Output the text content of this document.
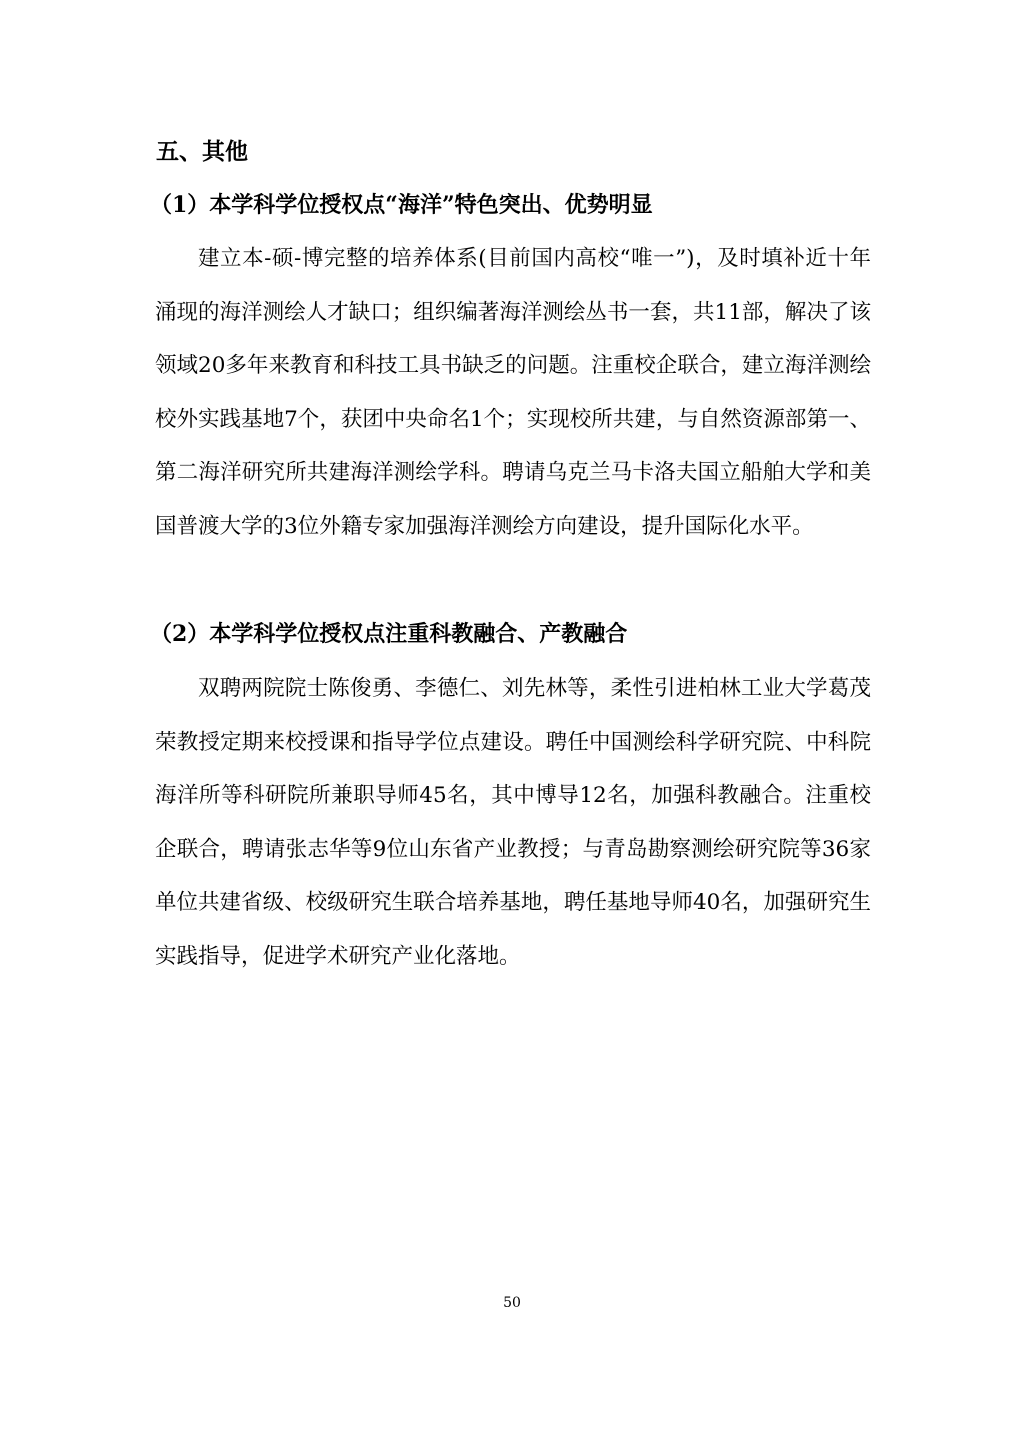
五、其他
（1）本学科学位授权点“海洋”特色突出、优势明显

建立本-硕-博完整的培养体系(目前国内高校“唯一”)，及时填补近十年涌现的海洋测绘人才缺口；组织编著海洋测绘丛书一套，共11部，解决了该领域20多年来教育和科技工具书缺乏的问题。注重校企联合，建立海洋测绘校外实践基地7个，获团中央命名1个；实现校所共建，与自然资源部第一、第二海洋研究所共建海洋测绘学科。聘请乌克兰马卡洛夫国立船舶大学和美国普渡大学的3位外籍专家加强海洋测绘方向建设，提升国际化水平。

（2）本学科学位授权点注重科教融合、产教融合

双聘两院院士陈俊勇、李德仁、刘先林等，柔性引进柏林工业大学葛茂荣教授定期来校授课和指导学位点建设。聘任中国测绘科学研究院、中科院海洋所等科研院所兼职导师45名，其中博导12名，加强科教融合。注重校企联合，聘请张志华等9位山东省产业教授；与青岛勘察测绘研究院等36家单位共建省级、校级研究生联合培养基地，聘任基地导师40名，加强研究生实践指导，促进学术研究产业化落地。

50
